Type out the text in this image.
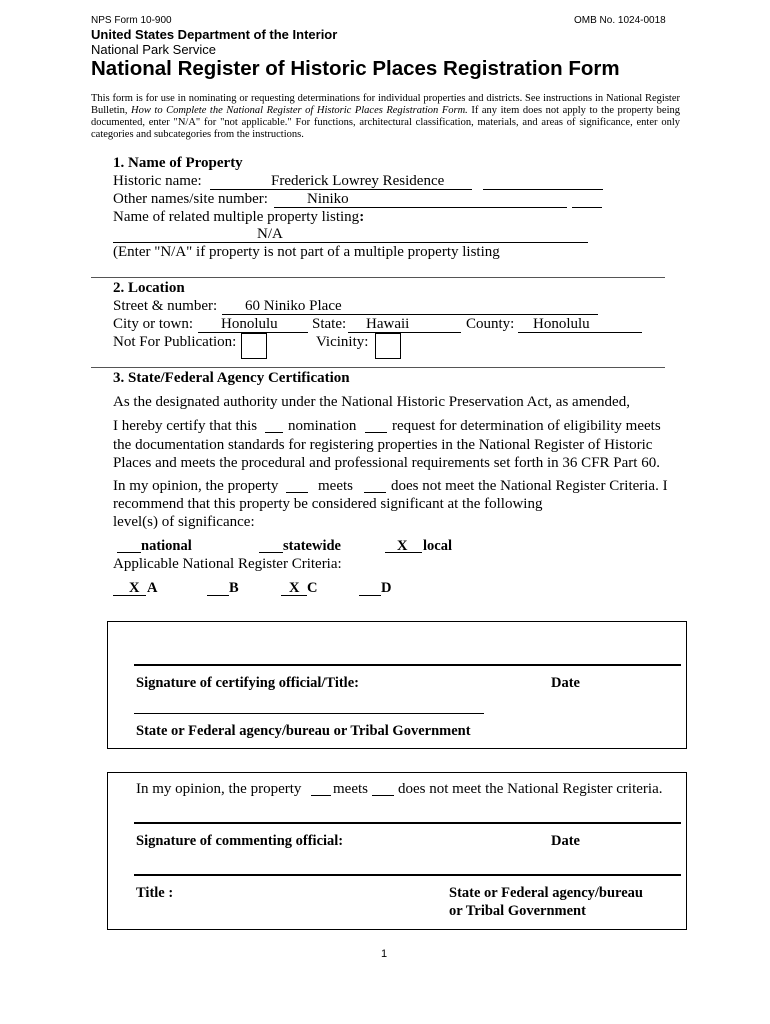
NPS Form 10-900	OMB No. 1024-0018
United States Department of the Interior
National Park Service
National Register of Historic Places Registration Form

This form is for use in nominating or requesting determinations for individual properties and districts. See instructions in National Register Bulletin, How to Complete the National Register of Historic Places Registration Form. If any item does not apply to the property being documented, enter "N/A" for "not applicable." For functions, architectural classification, materials, and areas of significance, enter only categories and subcategories from the instructions.

1. Name of Property
Historic name:	Frederick Lowrey Residence
Other names/site number:	Niniko
Name of related multiple property listing:
N/A
(Enter "N/A" if property is not part of a multiple property listing
2. Location
Street & number: 60 Niniko Place
City or town: Honolulu State: Hawaii	County: Honolulu
Not For Publication:	Vicinity:
3. State/Federal Agency Certification
As the designated authority under the National Historic Preservation Act, as amended,
I hereby certify that this nomination request for determination of eligibility meets

the documentation standards for registering properties in the National Register of Historic Places and meets the procedural and professional requirements set forth in 36 CFR Part 60.

In my opinion, the property	meets	does not meet the National Register Criteria. I
recommend that this property be considered significant at the following
level(s) of significance:
national	statewide	X local
Applicable National Register Criteria:
X A	B	X C	D
Signature of certifying official/Title:	Date
State or Federal agency/bureau or Tribal Government
In my opinion, the property meets does not meet the National Register criteria.
Signature of commenting official:	Date
Title :	State or Federal agency/bureau
or Tribal Government
1
